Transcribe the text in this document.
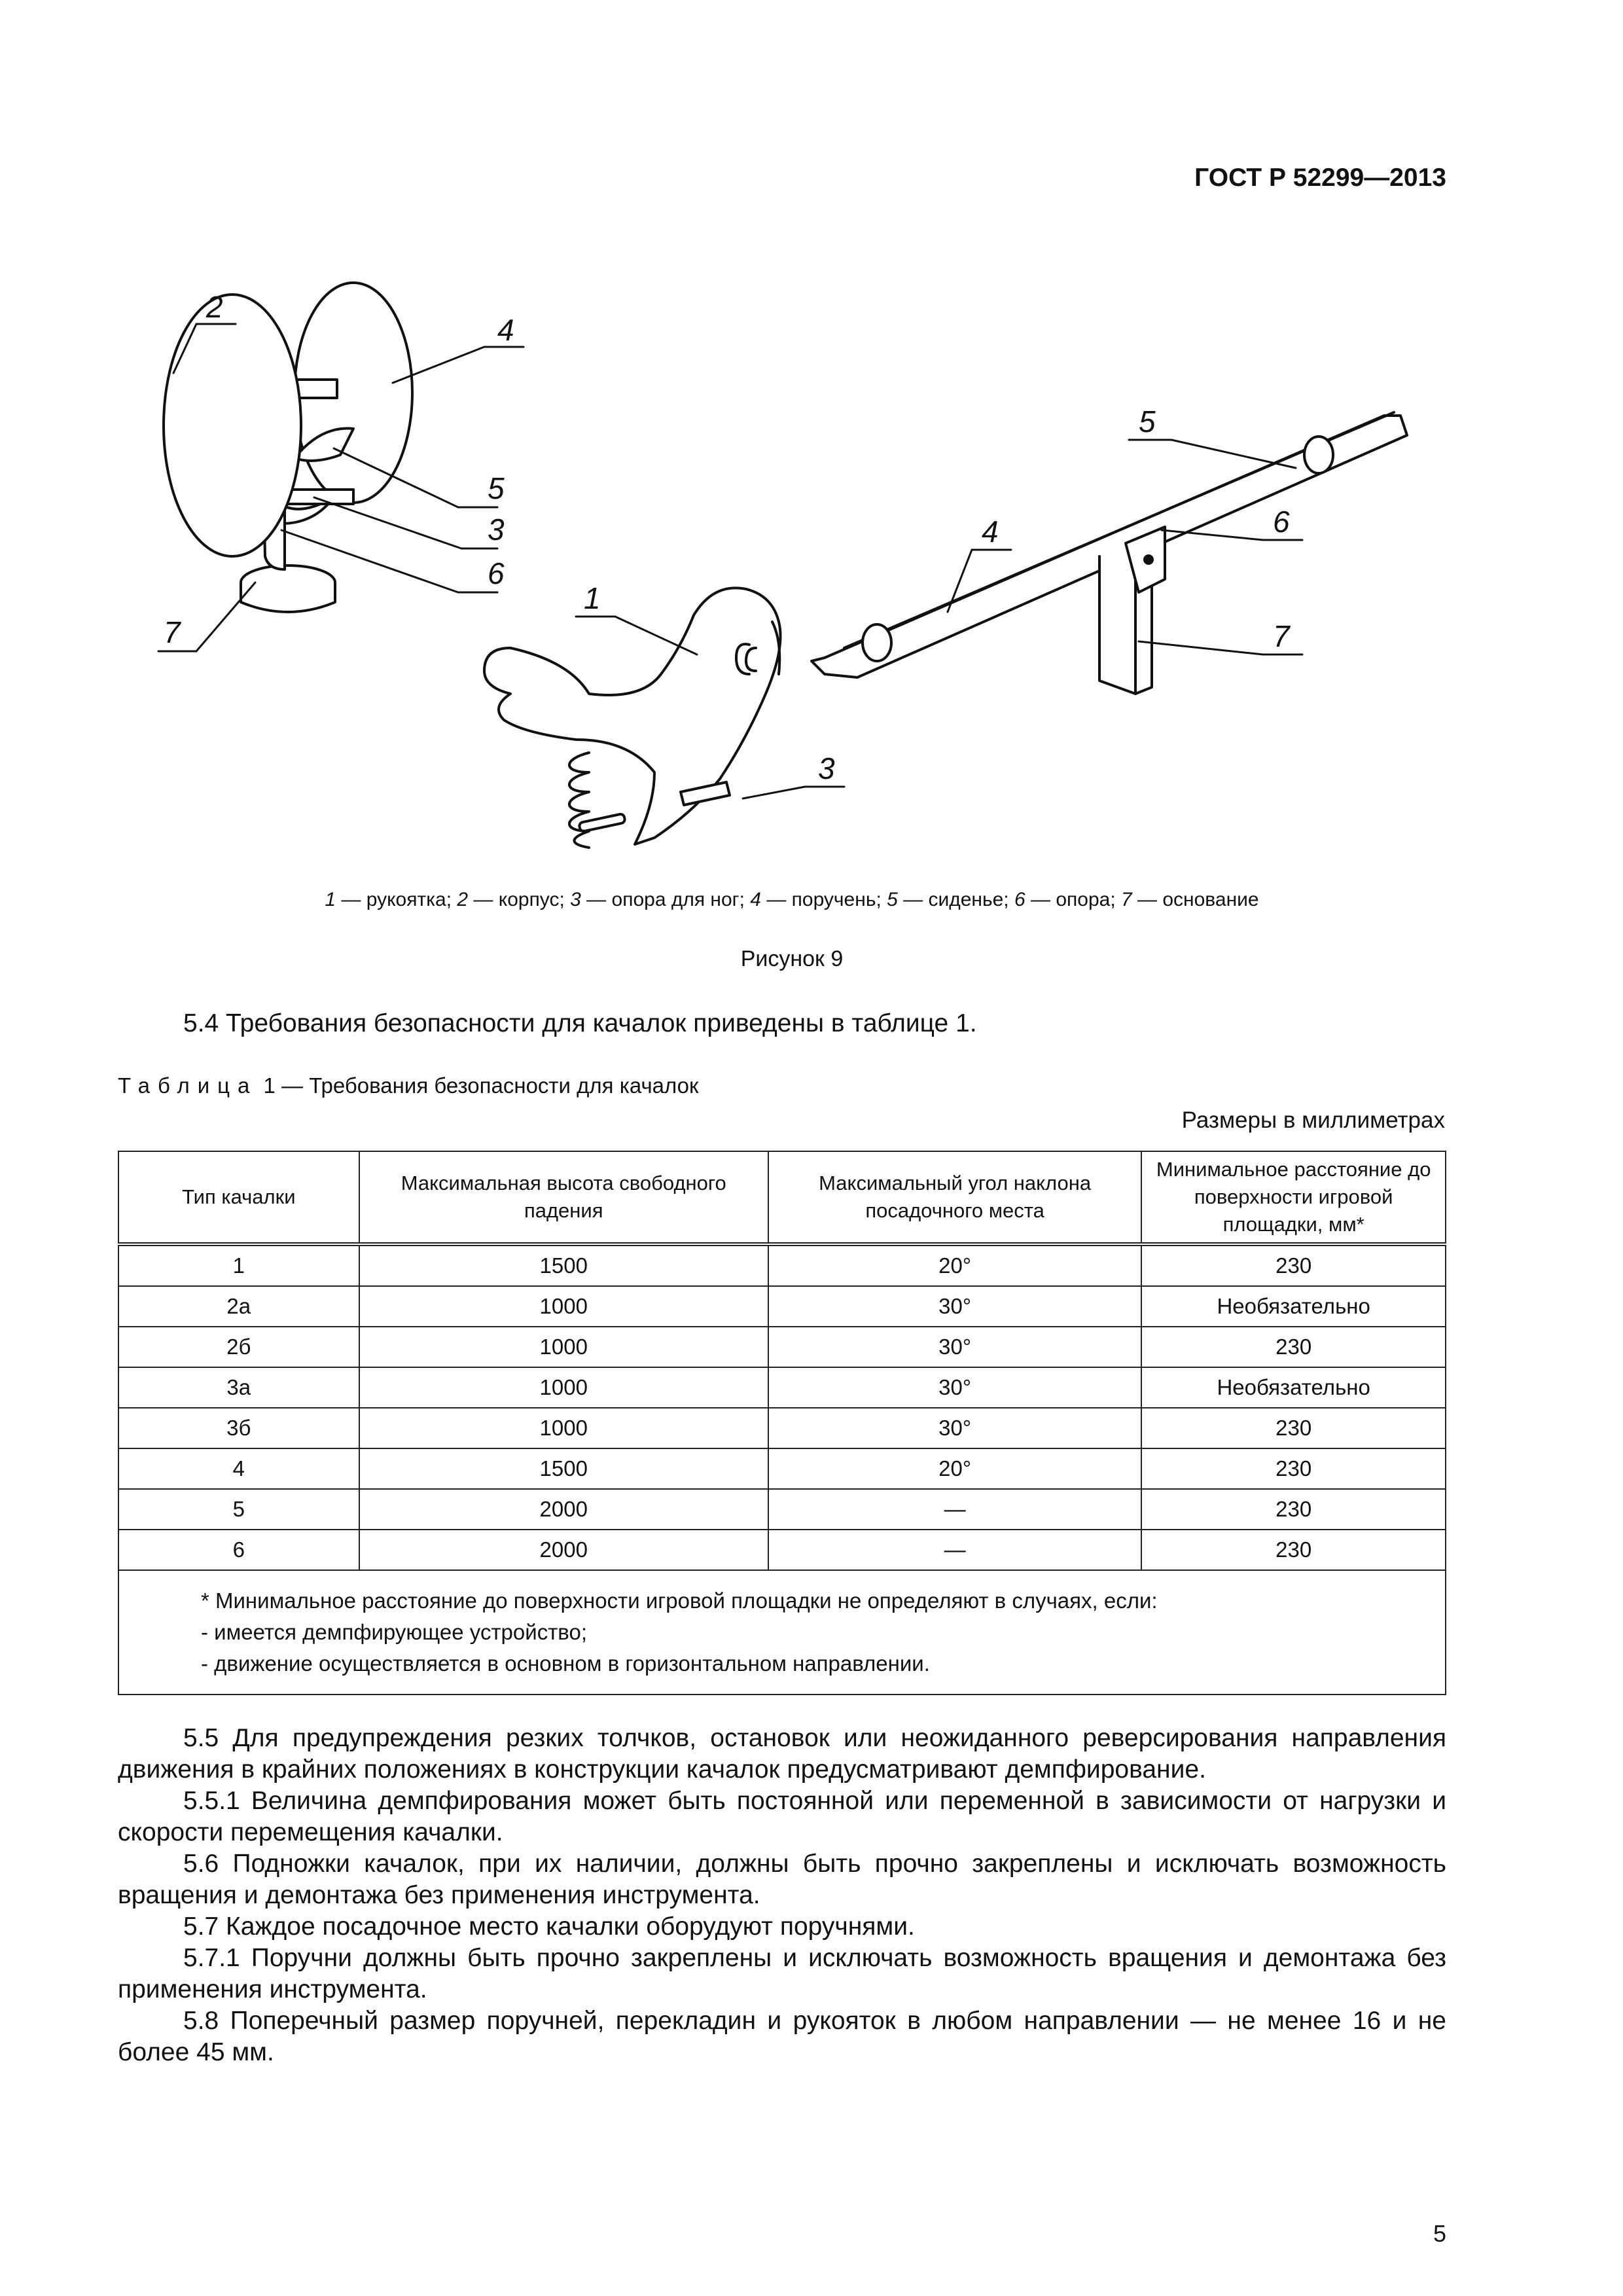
ГОСТ Р 52299—2013
2
4
5
3
6
7
1
3
4
5
6
7
1 — рукоятка; 2 — корпус; 3 — опора для ног; 4 — поручень; 5 — сиденье; 6 — опора; 7 — основание
Рисунок 9
5.4 Требования безопасности для качалок приведены в таблице 1.
Таблица 1 — Требования безопасности для качалок
Размеры в миллиметрах
Тип качалки	Максимальная высота свободного падения	Максимальный угол наклона посадочного места	Минимальное расстояние до поверхности игровой площадки, мм*
1	1500	20°	230
2а	1000	30°	Необязательно
2б	1000	30°	230
3а	1000	30°	Необязательно
3б	1000	30°	230
4	1500	20°	230
5	2000	—	230
6	2000	—	230

* Минимальное расстояние до поверхности игровой площадки не определяют в случаях, если:
- имеется демпфирующее устройство;
- движение осуществляется в основном в горизонтальном направлении.			

5.5 Для предупреждения резких толчков, остановок или неожиданного реверсирования направления движения в крайних положениях в конструкции качалок предусматривают демпфирование.

5.5.1 Величина демпфирования может быть постоянной или переменной в зависимости от нагрузки и скорости перемещения качалки.

5.6 Подножки качалок, при их наличии, должны быть прочно закреплены и исключать возможность вращения и демонтажа без применения инструмента.

5.7 Каждое посадочное место качалки оборудуют поручнями.

5.7.1 Поручни должны быть прочно закреплены и исключать возможность вращения и демонтажа без применения инструмента.

5.8 Поперечный размер поручней, перекладин и рукояток в любом направлении — не менее 16 и не более 45 мм.

5
